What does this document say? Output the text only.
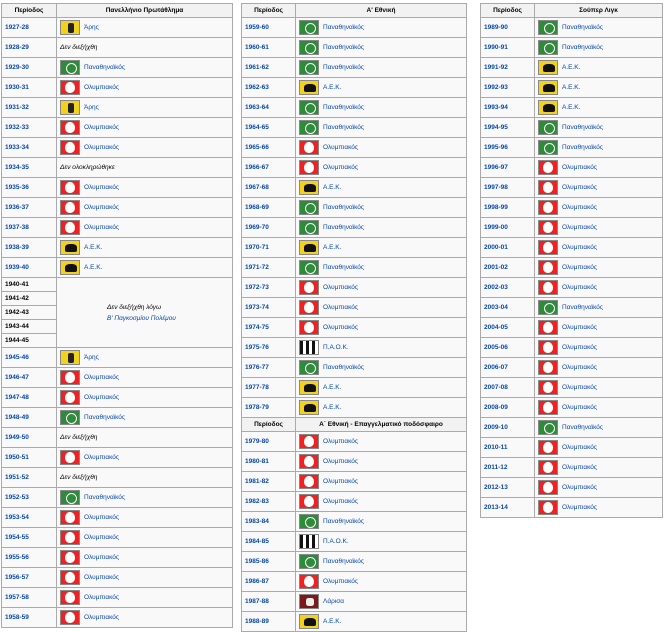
Περίοδος	Πανελλήνιο Πρωτάθλημα
1927-28	Άρης
1928-29	Δεν διεξήχθη
1929-30	Παναθηναϊκός
1930-31	Ολυμπιακός
1931-32	Άρης
1932-33	Ολυμπιακός
1933-34	Ολυμπιακός
1934-35	Δεν ολοκληρώθηκε
1935-36	Ολυμπιακός
1936-37	Ολυμπιακός
1937-38	Ολυμπιακός
1938-39	Α.Ε.Κ.
1939-40	Α.Ε.Κ.
1940-41	Δεν διεξήχθη λόγω
Β' Παγκοσμίου Πολέμου

1941-42	
1942-43	
1943-44	
1944-45	
1945-46	Άρης
1946-47	Ολυμπιακός
1947-48	Ολυμπιακός
1948-49	Παναθηναϊκός
1949-50	Δεν διεξήχθη
1950-51	Ολυμπιακός
1951-52	Δεν διεξήχθη
1952-53	Παναθηναϊκός
1953-54	Ολυμπιακός
1954-55	Ολυμπιακός
1955-56	Ολυμπιακός
1956-57	Ολυμπιακός
1957-58	Ολυμπιακός
1958-59	Ολυμπιακός
Περίοδος	Α' Εθνική
1959-60	Παναθηναϊκός
1960-61	Παναθηναϊκός
1961-62	Παναθηναϊκός
1962-63	Α.Ε.Κ.
1963-64	Παναθηναϊκός
1964-65	Παναθηναϊκός
1965-66	Ολυμπιακός
1966-67	Ολυμπιακός
1967-68	Α.Ε.Κ.
1968-69	Παναθηναϊκός
1969-70	Παναθηναϊκός
1970-71	Α.Ε.Κ.
1971-72	Παναθηναϊκός
1972-73	Ολυμπιακός
1973-74	Ολυμπιακός
1974-75	Ολυμπιακός
1975-76	Π.Α.Ο.Κ.
1976-77	Παναθηναϊκός
1977-78	Α.Ε.Κ.
1978-79	Α.Ε.Κ.
Περίοδος	Α΄ Εθνική - Επαγγελματικό ποδόσφαιρο
1979-80	Ολυμπιακός
1980-81	Ολυμπιακός
1981-82	Ολυμπιακός
1982-83	Ολυμπιακός
1983-84	Παναθηναϊκός
1984-85	Π.Α.Ο.Κ.
1985-86	Παναθηναϊκός
1986-87	Ολυμπιακός
1987-88	Λάρισα
1988-89	Α.Ε.Κ.
1989-90	Παναθηναϊκός
1990-91	Παναθηναϊκός
1991-92	Α.Ε.Κ.
1992-93	Α.Ε.Κ.
1993-94	Α.Ε.Κ.
1994-95	Παναθηναϊκός
1995-96	Παναθηναϊκός
1996-97	Ολυμπιακός
1997-98	Ολυμπιακός
1998-99	Ολυμπιακός
1999-00	Ολυμπιακός
2000-01	Ολυμπιακός
2001-02	Ολυμπιακός
2002-03	Ολυμπιακός
2003-04	Παναθηναϊκός
2004-05	Ολυμπιακός
2005-06	Ολυμπιακός
Περίοδος	Σούπερ Λιγκ
2006-07	Ολυμπιακός
2007-08	Ολυμπιακός
2008-09	Ολυμπιακός
2009-10	Παναθηναϊκός
2010-11	Ολυμπιακός
2011-12	Ολυμπιακός
2012-13	Ολυμπιακός
2013-14	Ολυμπιακός
